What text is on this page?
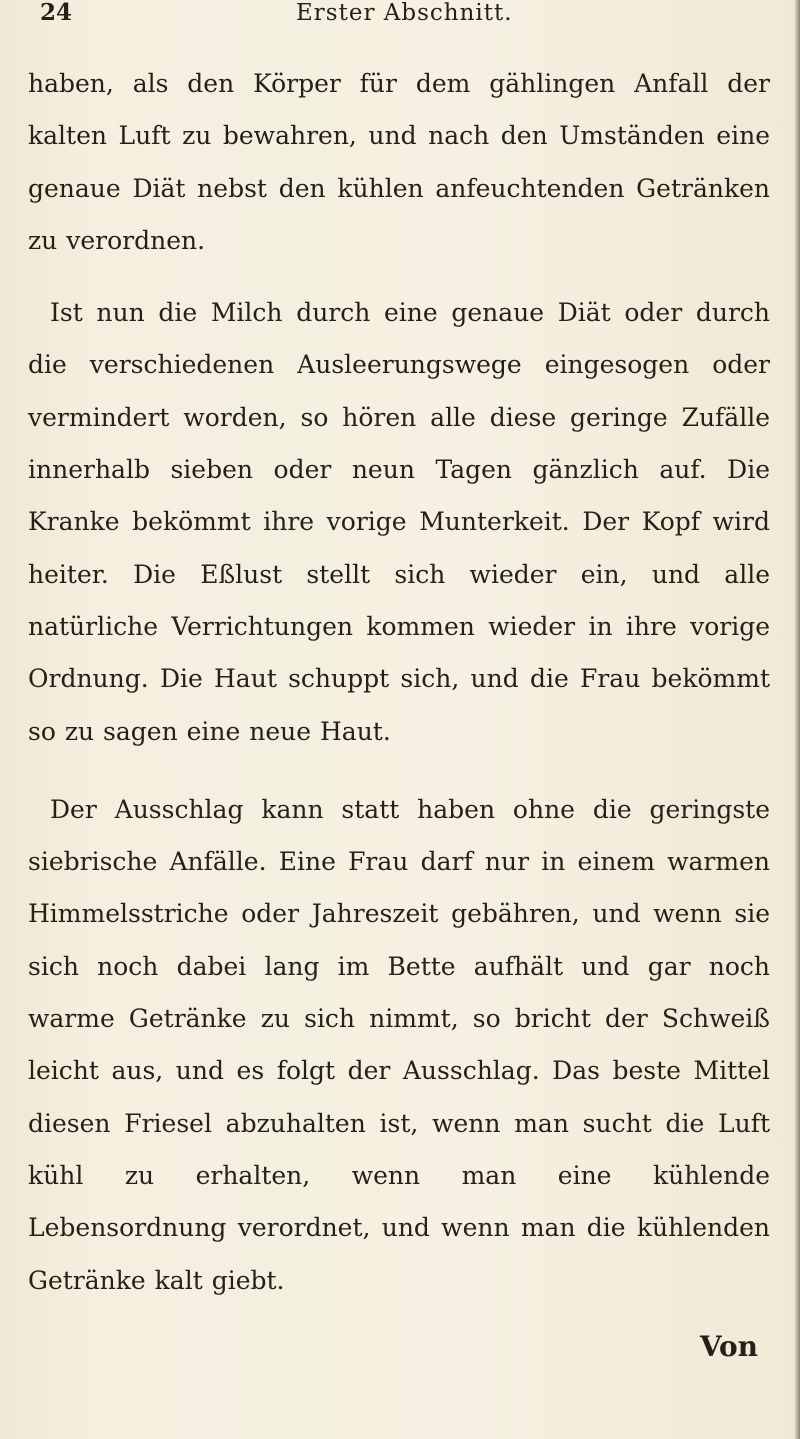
24	Erster Abschnitt.

haben, als den Körper für dem gählingen Anfall der kalten Luft zu bewahren, und nach den Umständen eine genaue Diät nebst den kühlen anfeuchtenden Getränken zu verordnen.

Ist nun die Milch durch eine genaue Diät oder durch die verschiedenen Ausleerungswege eingesogen oder vermindert worden, so hören alle diese geringe Zufälle innerhalb sieben oder neun Tagen gänzlich auf. Die Kranke bekömmt ihre vorige Munterkeit. Der Kopf wird heiter. Die Eßlust stellt sich wieder ein, und alle natürliche Verrichtungen kommen wieder in ihre vorige Ordnung. Die Haut schuppt sich, und die Frau bekömmt so zu sagen eine neue Haut.

Der Ausschlag kann statt haben ohne die geringste siebrische Anfälle. Eine Frau darf nur in einem warmen Himmelsstriche oder Jahreszeit gebähren, und wenn sie sich noch dabei lang im Bette aufhält und gar noch warme Getränke zu sich nimmt, so bricht der Schweiß leicht aus, und es folgt der Ausschlag. Das beste Mittel diesen Friesel abzuhalten ist, wenn man sucht die Luft kühl zu erhalten, wenn man eine kühlende Lebensordnung verordnet, und wenn man die kühlenden Getränke kalt giebt.

Von
